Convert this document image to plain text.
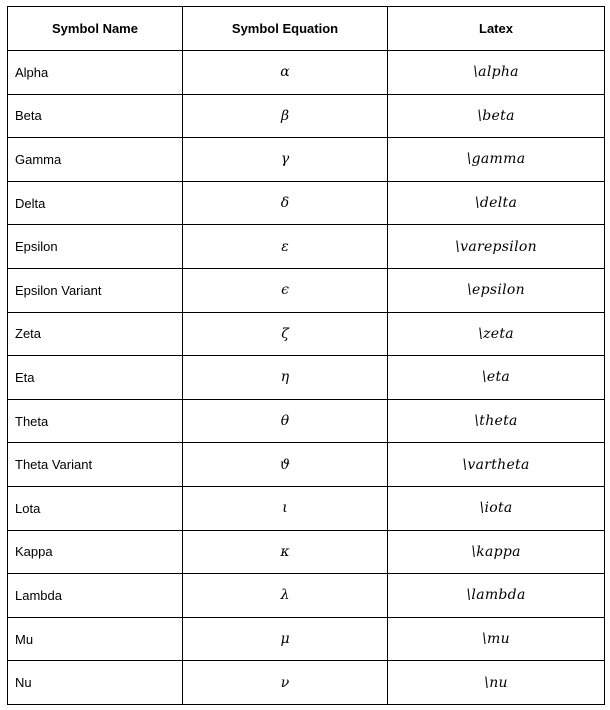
Symbol Name	Symbol Equation	Latex
Alpha	α	\alpha
Beta	β	\beta
Gamma	γ	\gamma
Delta	δ	\delta
Epsilon	ε	\varepsilon
Epsilon Variant	ϵ	\epsilon
Zeta	ζ	\zeta
Eta	η	\eta
Theta	θ	\theta
Theta Variant	ϑ	\vartheta
Lota	ι	\iota
Kappa	κ	\kappa
Lambda	λ	\lambda
Mu	μ	\mu
Nu	ν	\nu
